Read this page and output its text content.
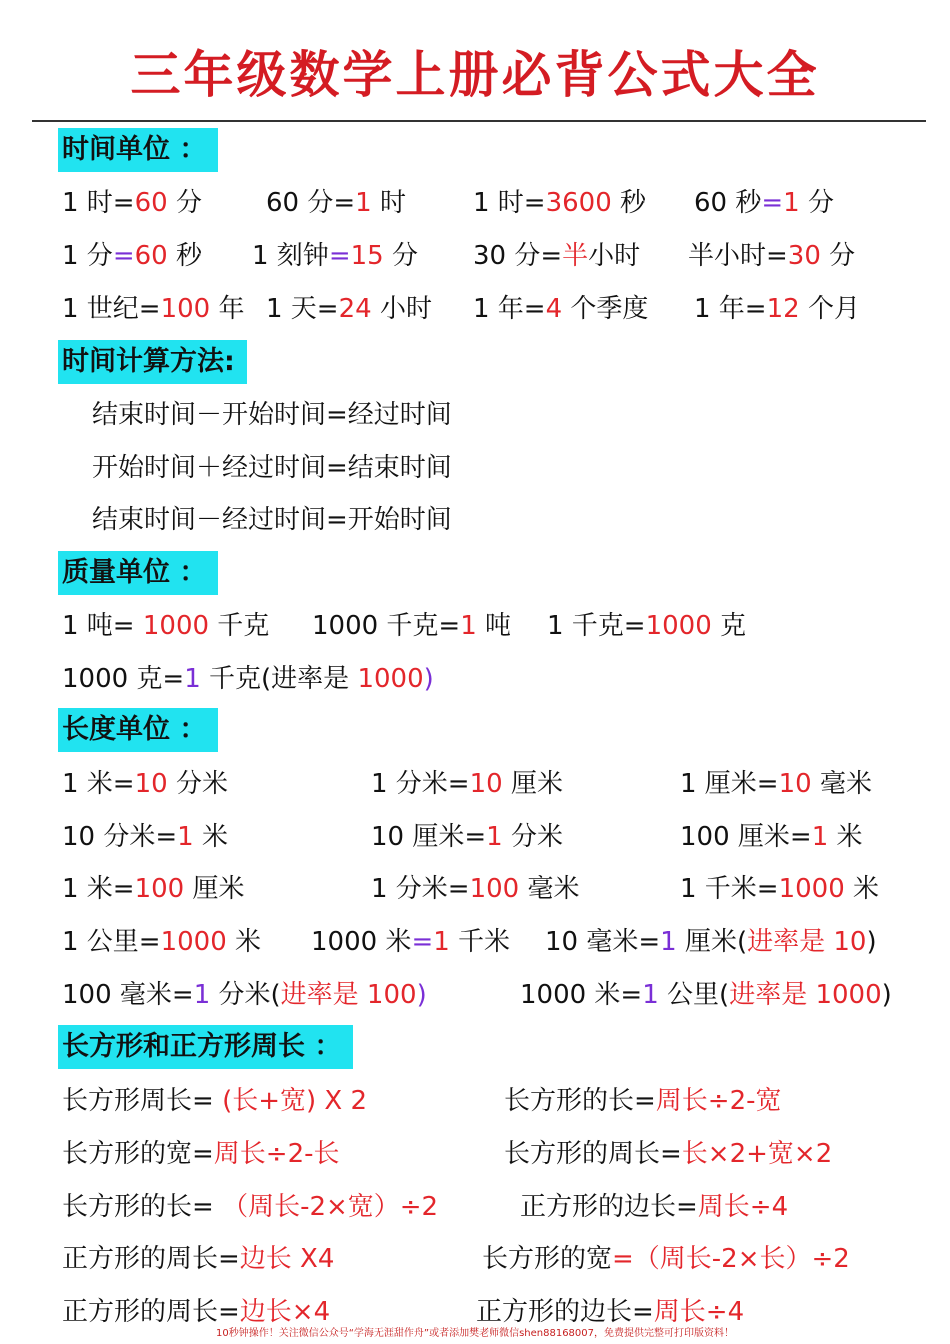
三年级数学上册必背公式大全
时间单位 ：
1 时=60 分 60 分=1 时	1 时=3600 秒 60 秒=1 分
1 分=60 秒 1 刻钟=15 分 30 分=半小时 半小时=30 分
1 世纪=100 年 1 天=24 小时 1 年=4 个季度 1 年=12 个月
时间计算方法:
结束时间－开始时间=经过时间
开始时间＋经过时间=结束时间
结束时间－经过时间=开始时间
质量单位 ：
1 吨= 1000 千克 1000 千克=1 吨 1 千克=1000 克
1000 克=1 千克(进率是 1000)
长度单位 ：
1 米=10 分米	1 分米=10 厘米	1 厘米=10 毫米
10 分米=1 米	10 厘米=1 分米	100 厘米=1 米
1 米=100 厘米	1 分米=100 毫米	1 千米=1000 米
1 公里=1000 米 1000 米=1 千米 10 毫米=1 厘米(进率是 10)
100 毫米=1 分米(进率是 100)	1000 米=1 公里(进率是 1000)
长方形和正方形周长 ：
长方形周长= (长+宽) X 2	长方形的长=周长÷2-宽
长方形的宽=周长÷2-长	长方形的周长=长×2+宽×2
长方形的长= （周长-2×宽）÷2	正方形的边长=周长÷4
正方形的周长=边长 X4	长方形的宽=（周长-2×长）÷2
正方形的周长=边长×4	正方形的边长=周长÷4
10秒钟操作！关注微信公众号“学海无涯甜作舟”或者添加樊老师微信shen88168007，免费提供完整可打印版资料！
